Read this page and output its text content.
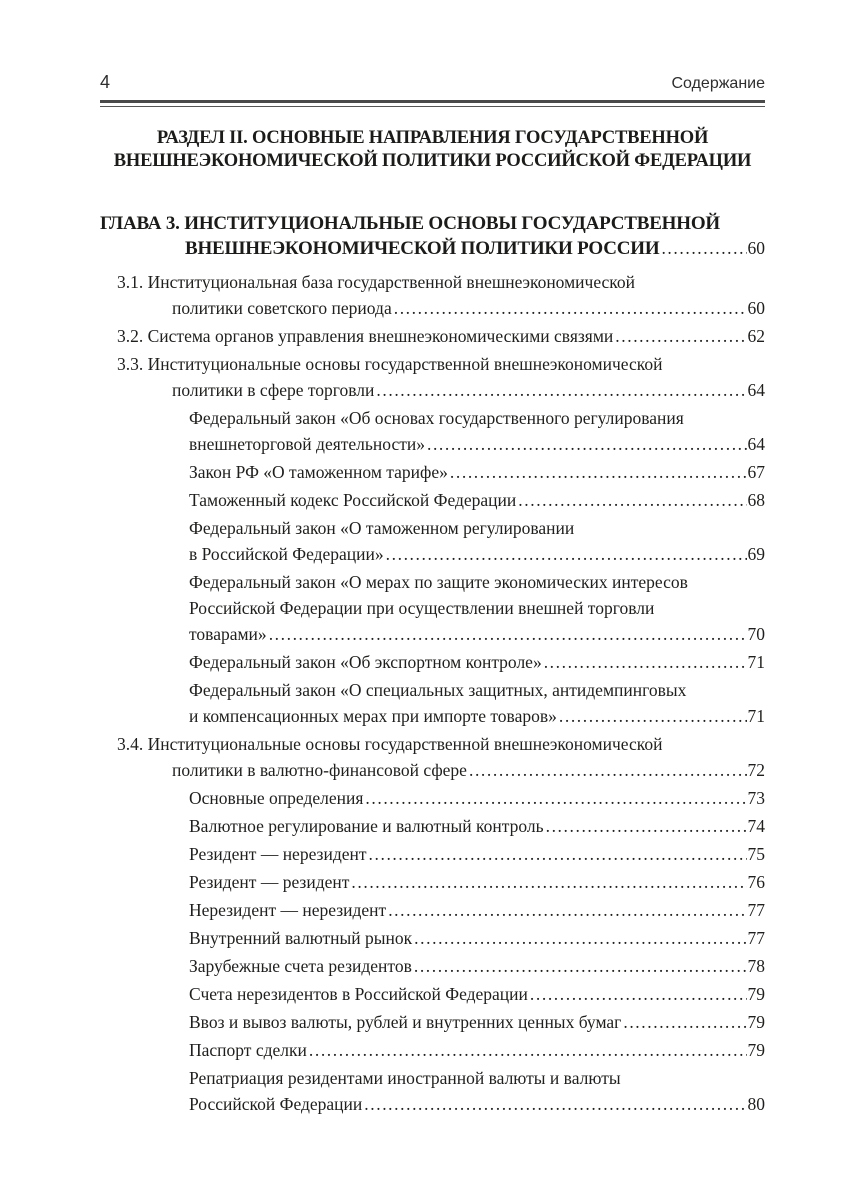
4	Содержание
РАЗДЕЛ II. ОСНОВНЫЕ НАПРАВЛЕНИЯ ГОСУДАРСТВЕННОЙ
ВНЕШНЕЭКОНОМИЧЕСКОЙ ПОЛИТИКИ РОССИЙСКОЙ ФЕДЕРАЦИИ
ГЛАВА 3. ИНСТИТУЦИОНАЛЬНЫЕ ОСНОВЫ ГОСУДАРСТВЕННОЙ
ВНЕШНЕЭКОНОМИЧЕСКОЙ ПОЛИТИКИ РОССИИ .....	60
3.1. Институциональная база государственной внешнеэкономической
политики советского периода .....	60
3.2. Система органов управления внешнеэкономическими связями .....	62
3.3. Институциональные основы государственной внешнеэкономической
политики в сфере торговли .....	64
Федеральный закон «Об основах государственного регулирования
внешнеторговой деятельности» .....	64
Закон РФ «О таможенном тарифе» .....	67
Таможенный кодекс Российской Федерации .....	68
Федеральный закон «О таможенном регулировании
в Российской Федерации» .....	69
Федеральный закон «О мерах по защите экономических интересов
Российской Федерации при осуществлении внешней торговли
товарами» .....	70
Федеральный закон «Об экспортном контроле» .....	71
Федеральный закон «О специальных защитных, антидемпинговых
и компенсационных мерах при импорте товаров» .....	71
3.4. Институциональные основы государственной внешнеэкономической
политики в валютно-финансовой сфере .....	72
Основные определения .....	73
Валютное регулирование и валютный контроль .....	74
Резидент — нерезидент .....	75
Резидент — резидент .....	76
Нерезидент — нерезидент .....	77
Внутренний валютный рынок .....	77
Зарубежные счета резидентов .....	78
Счета нерезидентов в Российской Федерации .....	79
Ввоз и вывоз валюты, рублей и внутренних ценных бумаг .....	79
Паспорт сделки .....	79
Репатриация резидентами иностранной валюты и валюты
Российской Федерации .....	80
